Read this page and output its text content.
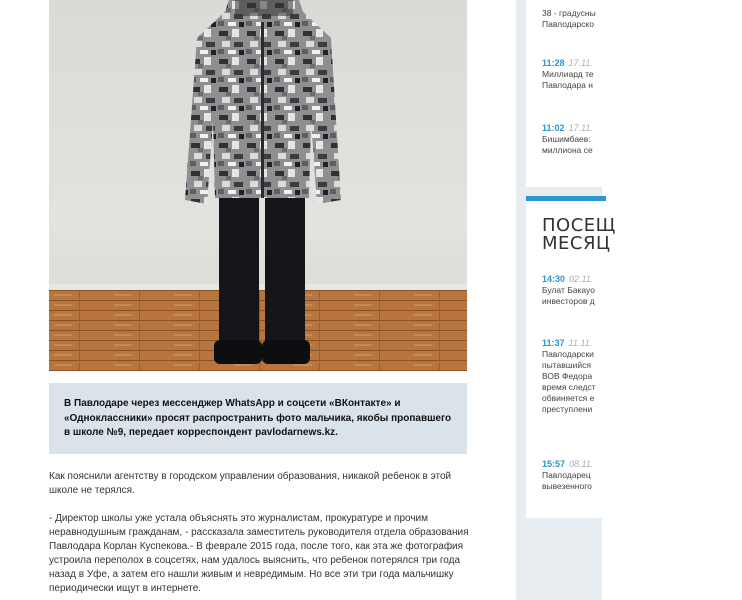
В Павлодаре через мессенджер WhatsApp и соцсети «ВКонтакте» и «Одноклассники» просят распространить фото мальчика, якобы пропавшего в школе №9, передает корреспондент pavlodarnews.kz.

Как пояснили агентству в городском управлении образования, никакой ребенок в этой школе не терялся.

- Директор школы уже устала объяснять это журналистам, прокуратуре и прочим неравнодушным гражданам, - рассказала заместитель руководителя отдела образования Павлодара Корлан Куспекова.- В феврале 2015 года, после того, как эта же фотография устроила переполох в соцсетях, нам удалось выяснить, что ребенок потерялся три года назад в Уфе, а затем его нашли живым и невредимым. Но все эти три года мальчишку периодически ищут в интернете.

38 - градусны
Павлодарско
11:28 17.11.
Миллиард те
Павлодара н
11:02 17.11.
Бишимбаев:
миллиона се
ПОСЕЩ
МЕСЯЦ
14:30 02.11.
Булат Бакауо
инвесторов д
11:37 11.11.
Павлодарски
пытавшийся
ВОВ Федора
время следст
обвиняется е
преступлени
15:57 08.11.
Павлодарец
вывезенного
